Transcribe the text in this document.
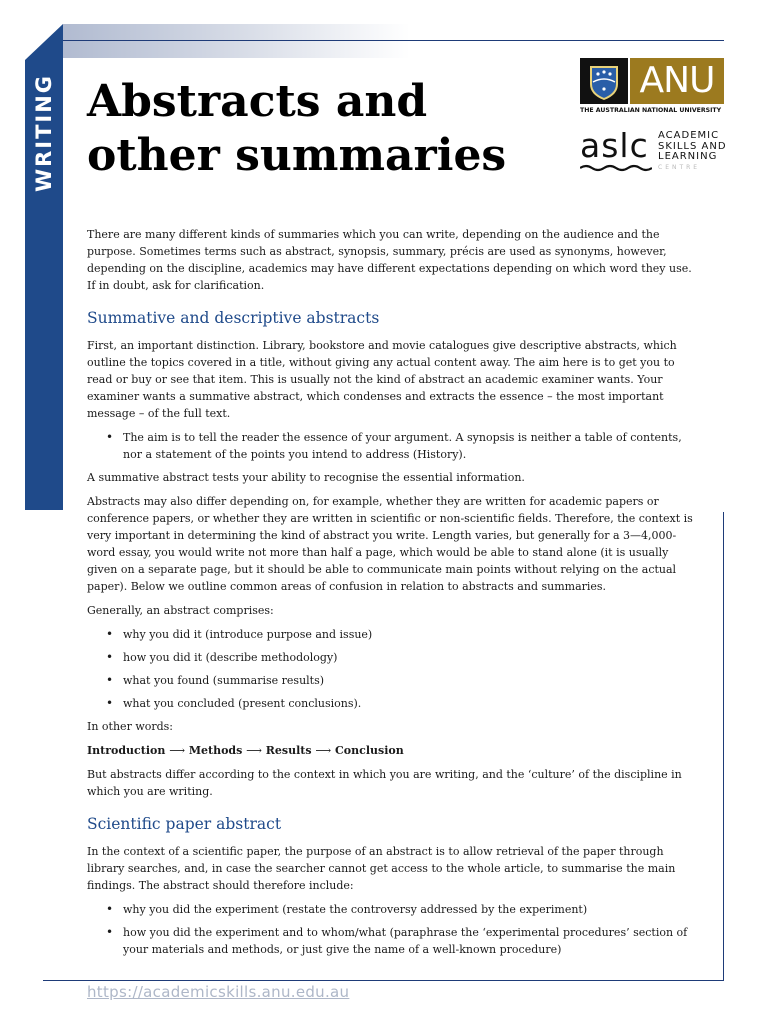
WRITING Abstracts and
other summaries
ANU
THE AUSTRALIAN NATIONAL UNIVERSITY
aslc ACADEMIC
SKILLS AND
LEARNING
CENTRE

There are many different kinds of summaries which you can write, depending on the audience and the purpose. Sometimes terms such as abstract, synopsis, summary, précis are used as synonyms, however, depending on the discipline, academics may have different expectations depending on which word they use. If in doubt, ask for clarification.

Summative and descriptive abstracts

First, an important distinction. Library, bookstore and movie catalogues give descriptive abstracts, which outline the topics covered in a title, without giving any actual content away. The aim here is to get you to read or buy or see that item. This is usually not the kind of abstract an academic examiner wants. Your examiner wants a summative abstract, which condenses and extracts the essence – the most important message – of the full text.

• The aim is to tell the reader the essence of your argument. A synopsis is neither a table of contents, nor a statement of the points you intend to address (History).

A summative abstract tests your ability to recognise the essential information.

Abstracts may also differ depending on, for example, whether they are written for academic papers or conference papers, or whether they are written in scientific or non-scientific fields. Therefore, the context is very important in determining the kind of abstract you write. Length varies, but generally for a 3—4,000-word essay, you would write not more than half a page, which would be able to stand alone (it is usually given on a separate page, but it should be able to communicate main points without relying on the actual paper). Below we outline common areas of confusion in relation to abstracts and summaries.

Generally, an abstract comprises:

• why you did it (introduce purpose and issue)
• how you did it (describe methodology)
• what you found (summarise results)
• what you concluded (present conclusions).

In other words:

Introduction ⟶ Methods ⟶ Results ⟶ Conclusion

But abstracts differ according to the context in which you are writing, and the ‘culture’ of the discipline in which you are writing.

Scientific paper abstract

In the context of a scientific paper, the purpose of an abstract is to allow retrieval of the paper through library searches, and, in case the searcher cannot get access to the whole article, to summarise the main findings. The abstract should therefore include:

• why you did the experiment (restate the controversy addressed by the experiment)
• how you did the experiment and to whom/what (paraphrase the ‘experimental procedures’ section of your materials and methods, or just give the name of a well-known procedure)
https://academicskills.anu.edu.au
